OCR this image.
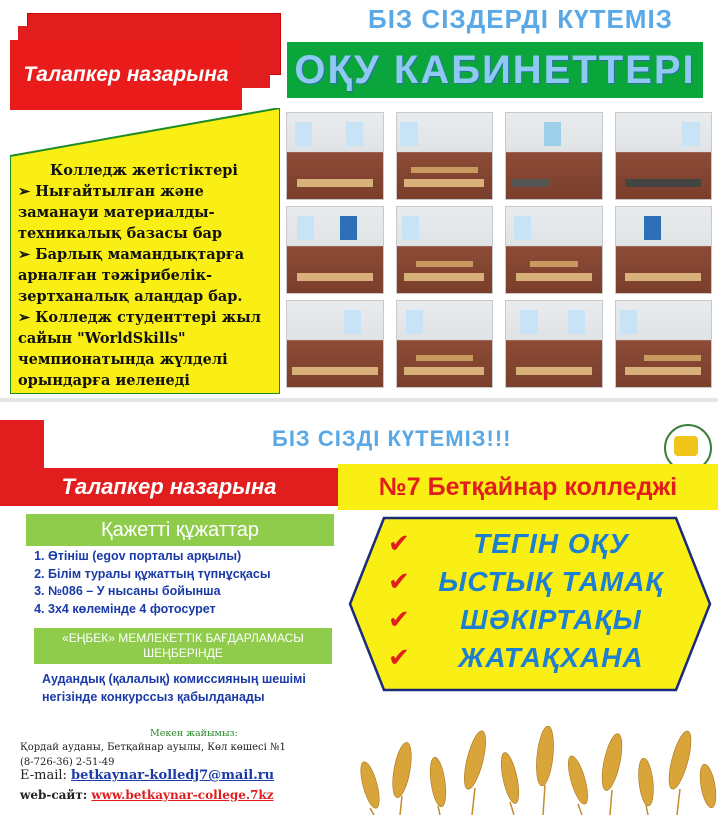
Талапкер назарына
БІЗ СІЗДЕРДІ КҮТЕМІЗ
ОҚУ КАБИНЕТТЕРІ
Колледж жетістіктері
➢ Нығайтылған және заманауи материалды-техникалық базасы бар
➢ Барлық мамандықтарға арналған тәжірибелік-зертханалық алаңдар бар.
➢ Колледж студенттері жыл сайын "WorldSkills" чемпионатында жүлделі орындарға иеленеді
БІЗ СІЗДІ КҮТЕМІЗ!!!
Талапкер назарына	№7 Бетқайнар колледжі
Қажетті құжаттар
1. Өтініш (egov порталы арқылы)
2. Білім туралы құжаттың түпнұсқасы
3. №086 – У нысаны бойынша
4. 3х4 көлемінде 4 фотосурет
«ЕҢБЕК» МЕМЛЕКЕТТІК БАҒДАРЛАМАСЫ
ШЕҢБЕРІНДЕ
Аудандық (қалалық) комиссияның шешімі негізінде конкурссыз қабылданады
Мекен жайымыз:
Қордай ауданы, Бетқайнар ауылы, Көл көшесі №1
(8-726-36) 2-51-49
E-mail: betkaynar-kolledj7@mail.ru
web-сайт: www.betkaynar-college.7kz
✔	ТЕГІН ОҚУ
✔	ЫСТЫҚ ТАМАҚ
✔	ШӘКІРТАҚЫ
✔	ЖАТАҚХАНА
